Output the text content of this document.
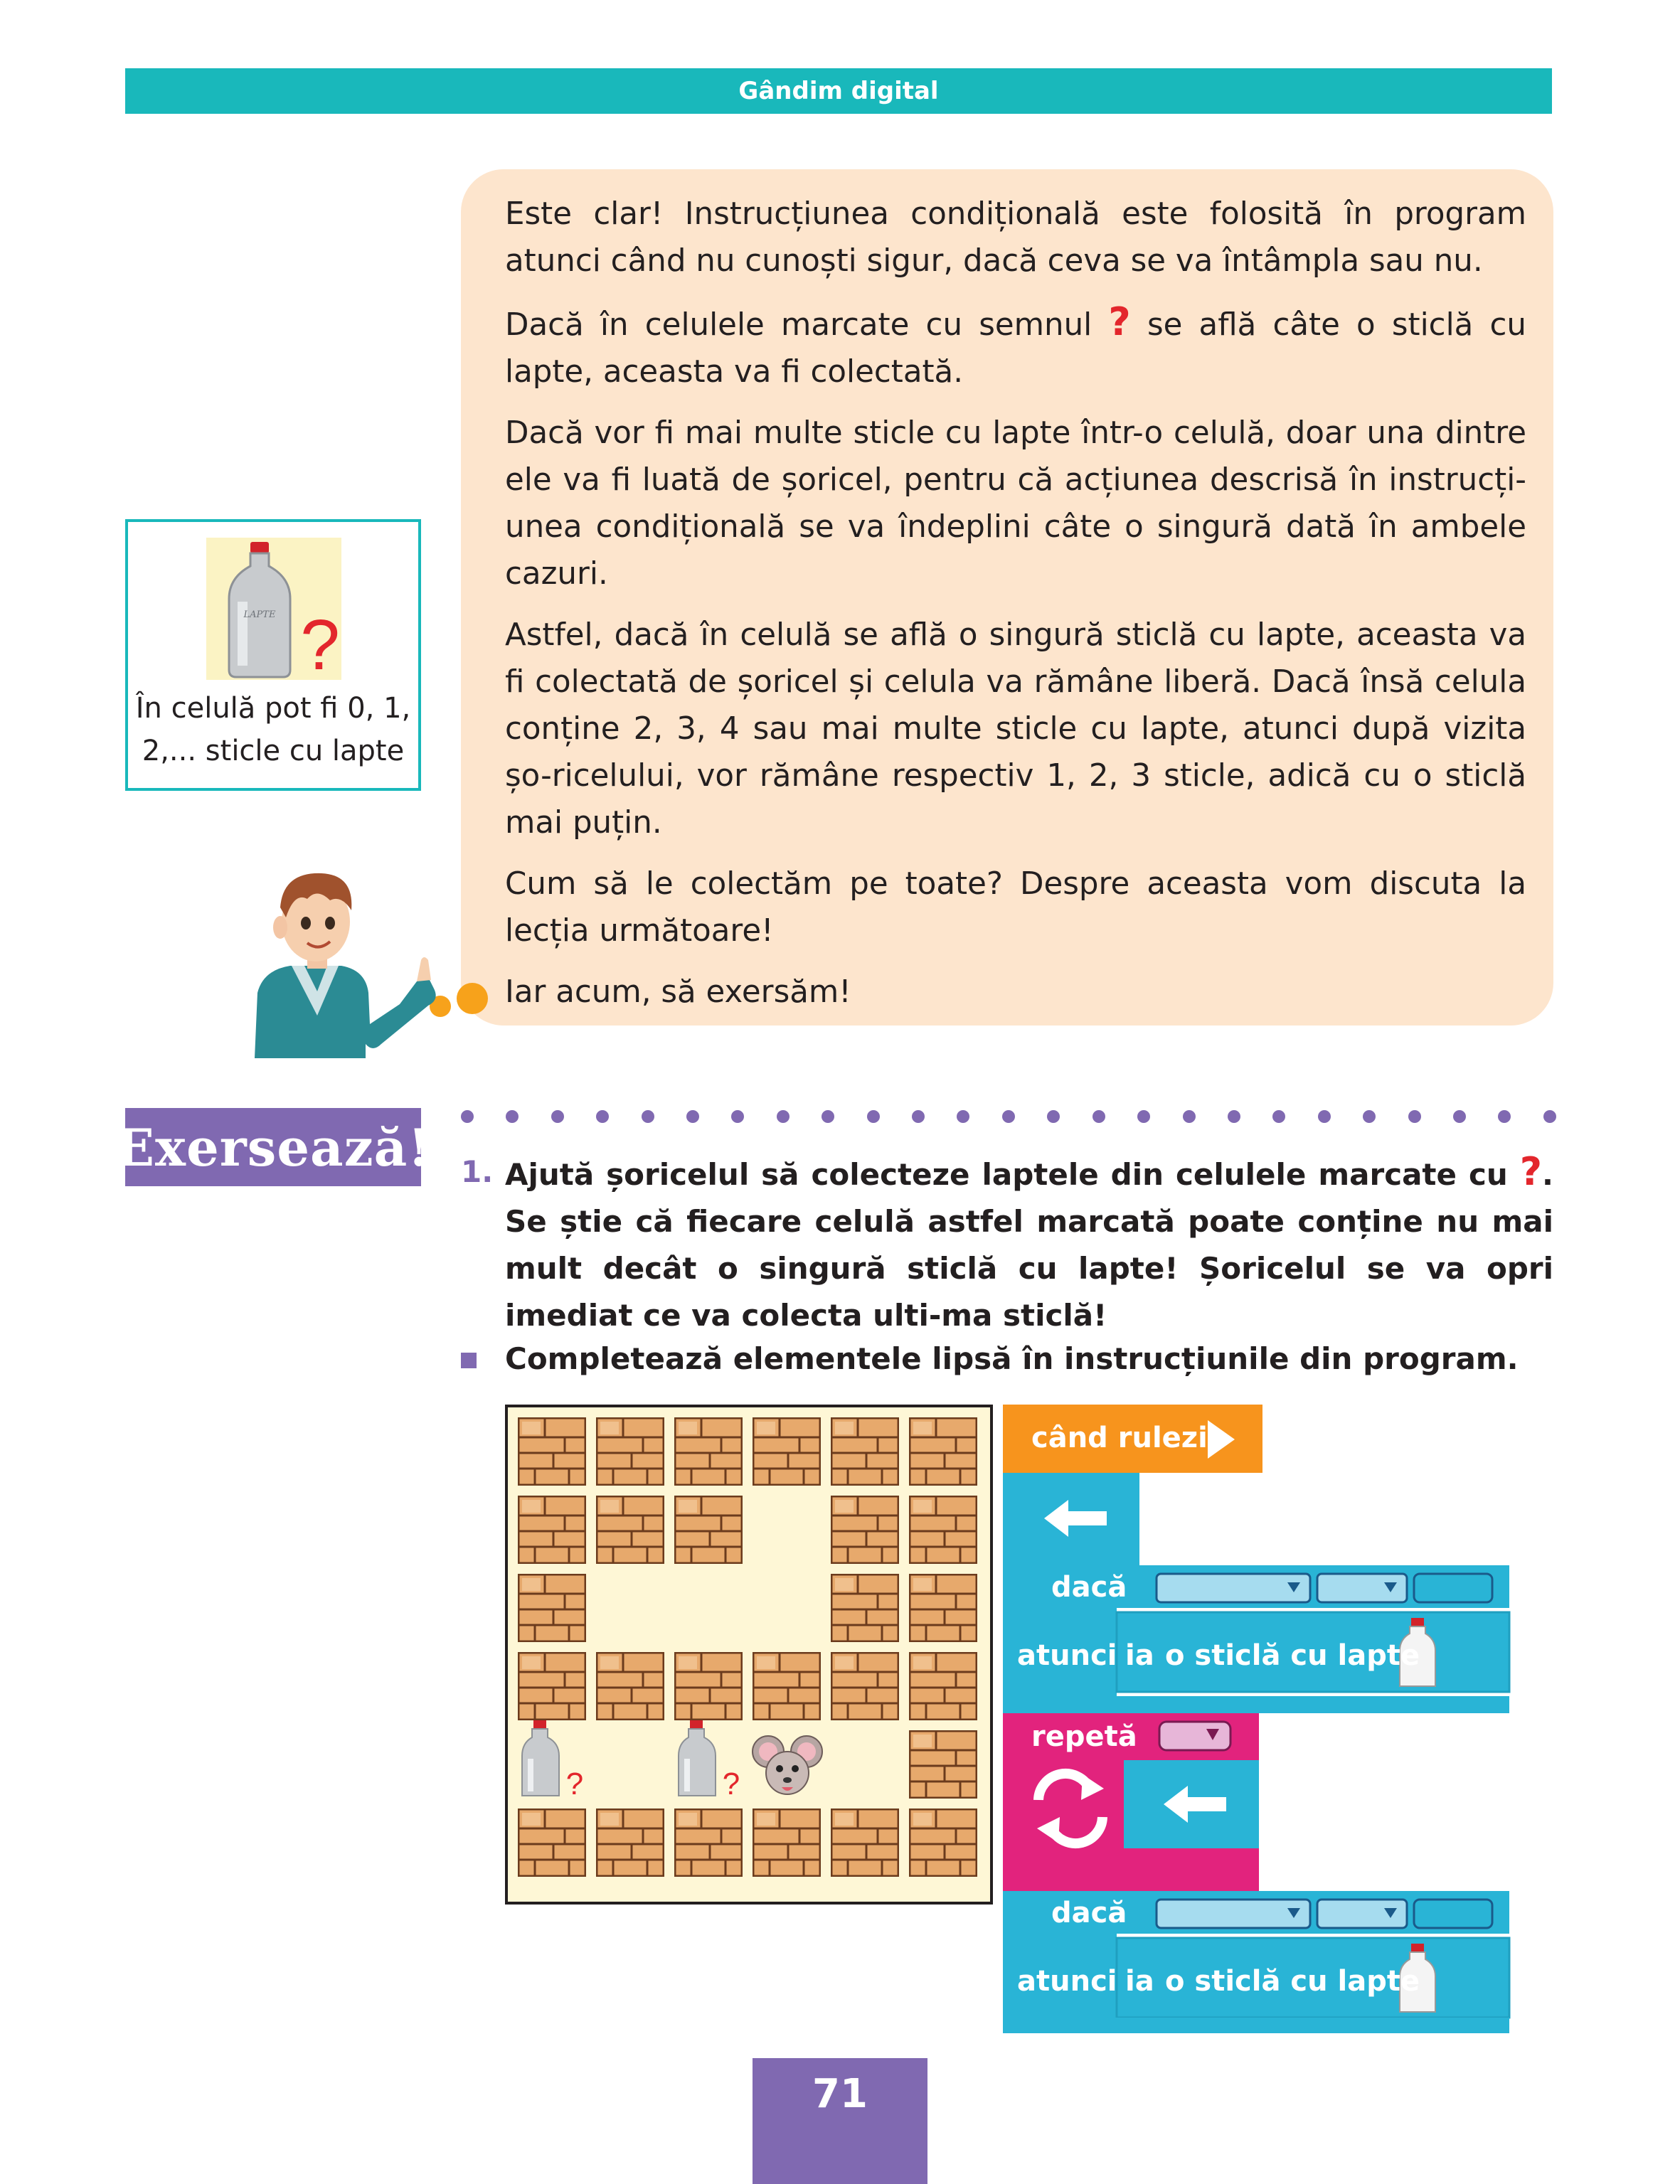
Gândim digital

Este clar! Instrucțiunea condițională este folosită în program atunci când nu cunoști sigur, dacă ceva se va întâmpla sau nu.

Dacă în celulele marcate cu semnul ? se află câte o sticlă cu lapte, aceasta va fi colectată.

Dacă vor fi mai multe sticle cu lapte într-o celulă, doar una dintre ele va fi luată de șoricel, pentru că acțiunea descrisă în instrucți-unea condițională se va îndeplini câte o singură dată în ambele cazuri.

Astfel, dacă în celulă se află o singură sticlă cu lapte, aceasta va fi colectată de șoricel și celula va rămâne liberă. Dacă însă celula conține 2, 3, 4 sau mai multe sticle cu lapte, atunci după vizita șo-ricelului, vor rămâne respectiv 1, 2, 3 sticle, adică cu o sticlă mai puțin.

Cum să le colectăm pe toate? Despre aceasta vom discuta la lecția următoare!

Iar acum, să exersăm!

LAPTE ?
În celulă pot fi 0, 1,
2,... sticle cu lapte
Exersează! 1. Ajută șoricelul să colecteze laptele din celulele marcate cu ?. Se știe că fiecare celulă astfel marcată poate conține nu mai mult decât o singură sticlă cu lapte! Șoricelul se va opri imediat ce va colecta ulti-ma sticlă!
Completează elementele lipsă în instrucțiunile din program.
?	?
când rulezi
dacă
atunci ia o sticlă cu lapte
repetă
dacă
atunci ia o sticlă cu lapte
71
